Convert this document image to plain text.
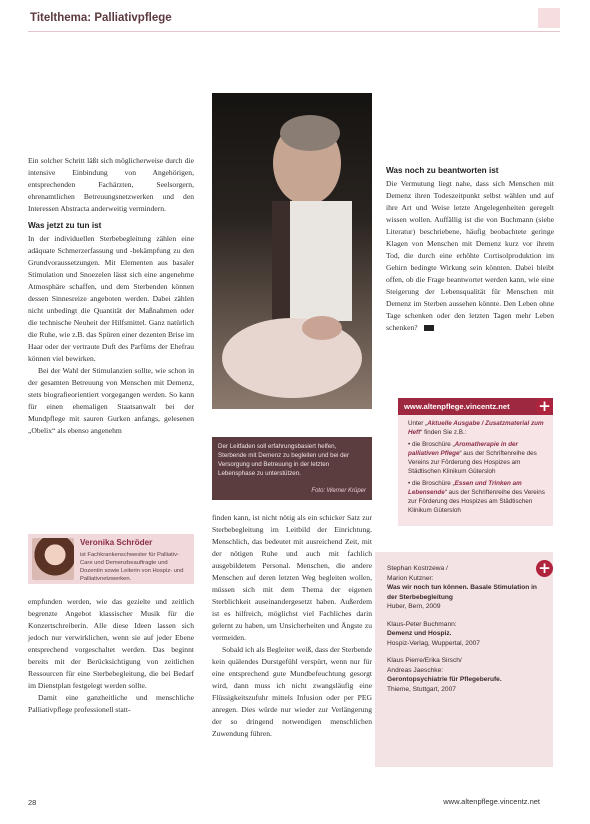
Titelthema: Palliativpflege

Ein solcher Schritt läßt sich möglicherweise durch die intensive Einbindung von Angehörigen, entsprechenden Fachärzten, Seelsorgern, ehrenamtlichen Betreuungsnetzwerken und den Interessen Abstracta anderweitig vermindern.

Was jetzt zu tun ist

In der individuellen Sterbebegleitung zählen eine adäquate Schmerzerfassung und -bekämpfung zu den Grundvoraussetzungen. Mit Elementen aus basaler Stimulation und Snoezelen lässt sich eine angenehme Atmosphäre schaffen, und dem Sterbenden können dessen Sinnesreize angeboten werden. Dabei zählen nicht unbedingt die Quantität der Maßnahmen oder die technische Neuheit der Hilfsmittel. Ganz natürlich die Ruhe, wie z.B. das Spüren einer dezenten Brise im Haar oder der vertraute Duft des Parfüms der Ehefrau können viel bewirken.

Bei der Wahl der Stimulanzien sollte, wie schon in der gesamten Betreuung von Menschen mit Demenz, stets biografieorientiert vorgegangen werden. So kann für einen ehemaligen Staatsanwalt bei der Mundpflege mit sauren Gurken anfangs, gelesenen „Obelix“ als ebenso angenehm

Veronika Schröder
ist Fachkrankenschwester für Palliativ-Care und Demenzbeauftragte und Dozentin sowie Leiterin von Hospiz- und Palliativnetzwerken.

empfunden werden, wie das gezielte und zeitlich begrenzte Angebot klassischer Musik für die Konzertschreiberin. Alle diese Ideen lassen sich jedoch nur verwirklichen, wenn sie auf jeder Ebene entsprechend vorgeschaltet werden. Das beginnt bereits mit der Berücksichtigung von zeitlichen Ressourcen für eine Sterbebegleitung, die bei Bedarf im Dienstplan festgelegt werden sollte.

Damit eine ganzheitliche und menschliche Palliativpflege professionell statt-

Der Leitfaden soll erfahrungsbasiert helfen, Sterbende mit Demenz zu begleiten und bei der Versorgung und Betreuung in der letzten Lebensphase zu unterstützen.
Foto: Werner Krüper

finden kann, ist nicht nötig als ein schicker Satz zur Sterbebegleitung im Leitbild der Einrichtung. Menschlich, das bedeutet mit ausreichend Zeit, mit der nötigen Ruhe und auch mit fachlich ausgebildetem Personal. Menschen, die andere Menschen auf deren letzten Weg begleiten wollen, müssen sich mit dem Thema der eigenen Sterblichkeit auseinandergesetzt haben. Außerdem ist es hilfreich, möglichst viel Fachliches darin gelernt zu haben, um Unsicherheiten und Ängste zu vermeiden.

Sobald ich als Begleiter weiß, dass der Sterbende kein quälendes Durstgefühl verspürt, wenn nur für eine entsprechend gute Mundbefeuchtung gesorgt wird, dann muss ich nicht zwangsläufig eine Flüssigkeitszufuhr mittels Infusion oder per PEG anregen. Dies würde nur wieder zur Verlängerung der so dringend notwendigen menschlichen Zuwendung führen.

Was noch zu beantworten ist

Die Vermutung liegt nahe, dass sich Menschen mit Demenz ihren Todeszeitpunkt selbst wählen und auf ihre Art und Weise letzte Angelegenheiten geregelt wissen wollen. Auffällig ist die von Buchmann (siehe Literatur) beschriebene, häufig beobachtete geringe Klagen von Menschen mit Demenz kurz vor ihrem Tod, die durch eine erhöhte Cortisolproduktion im Gehirn bedingte Wirkung sein könnten. Dabei bleibt offen, ob die Frage beantwortet werden kann, wie eine Steigerung der Lebensqualität für Menschen mit Demenz im Sterben aussehen könnte. Den Leben ohne Tage schenken oder den letzten Tagen mehr Leben schenken?

www.altenpflege.vincentz.net
Unter „Aktuelle Ausgabe / Zusatzmaterial zum Heft“ finden Sie z.B.:
• die Broschüre „Aromatherapie in der palliativen Pflege“ aus der Schriftenreihe des Vereins zur Förderung des Hospizes am Städtischen Klinikum Gütersloh
• die Broschüre „Essen und Trinken am Lebensende“ aus der Schriftenreihe des Vereins zur Förderung des Hospizes am Städtischen Klinikum Gütersloh
+
Stephan Kostrzewa /
Marion Kutzner:
Was wir noch tun können. Basale Stimulation in der Sterbebegleitung
Huber, Bern, 2009
Klaus-Peter Buchmann:
Demenz und Hospiz.
Hospiz-Verlag, Wuppertal, 2007
Klaus Pierre/Erika Sirsch/
Andreas Jaeschke:
Gerontopsychiatrie für Pflegeberufe.
Thieme, Stuttgart, 2007
+
28	www.altenpflege.vincentz.net
